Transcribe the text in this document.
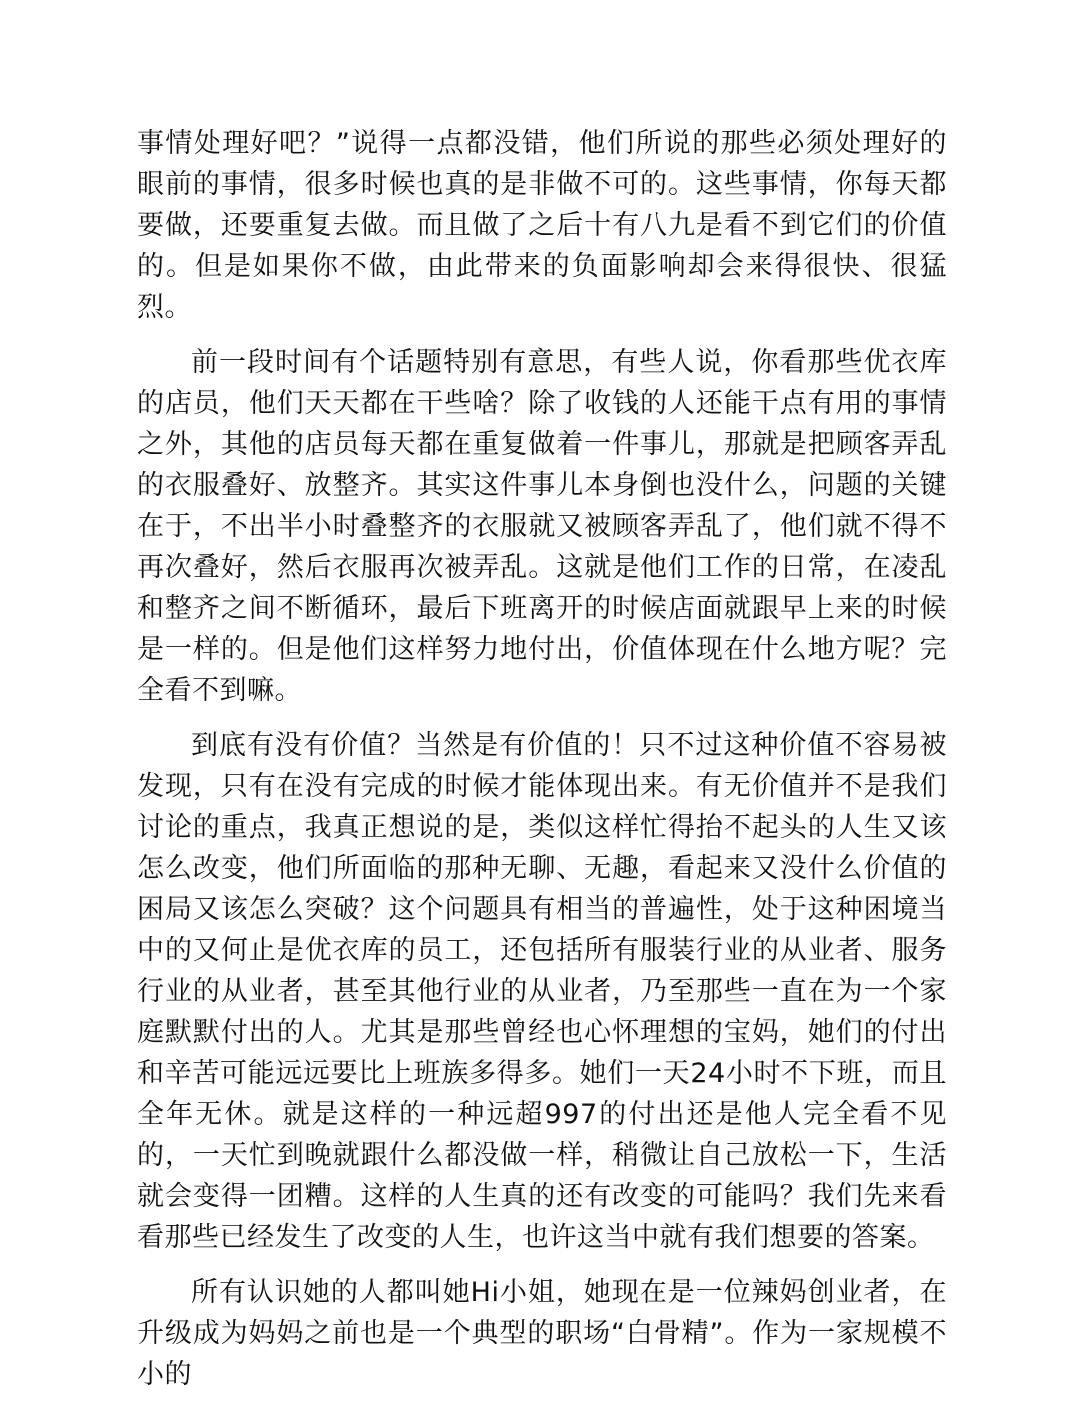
事情处理好吧？”说得一点都没错，他们所说的那些必须处理好的眼前的事情，很多时候也真的是非做不可的。这些事情，你每天都要做，还要重复去做。而且做了之后十有八九是看不到它们的价值的。但是如果你不做，由此带来的负面影响却会来得很快、很猛烈。

前一段时间有个话题特别有意思，有些人说，你看那些优衣库的店员，他们天天都在干些啥？除了收钱的人还能干点有用的事情之外，其他的店员每天都在重复做着一件事儿，那就是把顾客弄乱的衣服叠好、放整齐。其实这件事儿本身倒也没什么，问题的关键在于，不出半小时叠整齐的衣服就又被顾客弄乱了，他们就不得不再次叠好，然后衣服再次被弄乱。这就是他们工作的日常，在凌乱和整齐之间不断循环，最后下班离开的时候店面就跟早上来的时候是一样的。但是他们这样努力地付出，价值体现在什么地方呢？完全看不到嘛。

到底有没有价值？当然是有价值的！只不过这种价值不容易被发现，只有在没有完成的时候才能体现出来。有无价值并不是我们讨论的重点，我真正想说的是，类似这样忙得抬不起头的人生又该怎么改变，他们所面临的那种无聊、无趣，看起来又没什么价值的困局又该怎么突破？这个问题具有相当的普遍性，处于这种困境当中的又何止是优衣库的员工，还包括所有服装行业的从业者、服务行业的从业者，甚至其他行业的从业者，乃至那些一直在为一个家庭默默付出的人。尤其是那些曾经也心怀理想的宝妈，她们的付出和辛苦可能远远要比上班族多得多。她们一天24小时不下班，而且全年无休。就是这样的一种远超997的付出还是他人完全看不见的，一天忙到晚就跟什么都没做一样，稍微让自己放松一下，生活就会变得一团糟。这样的人生真的还有改变的可能吗？我们先来看看那些已经发生了改变的人生，也许这当中就有我们想要的答案。

所有认识她的人都叫她Hi小姐，她现在是一位辣妈创业者，在升级成为妈妈之前也是一个典型的职场“白骨精”。作为一家规模不小的
